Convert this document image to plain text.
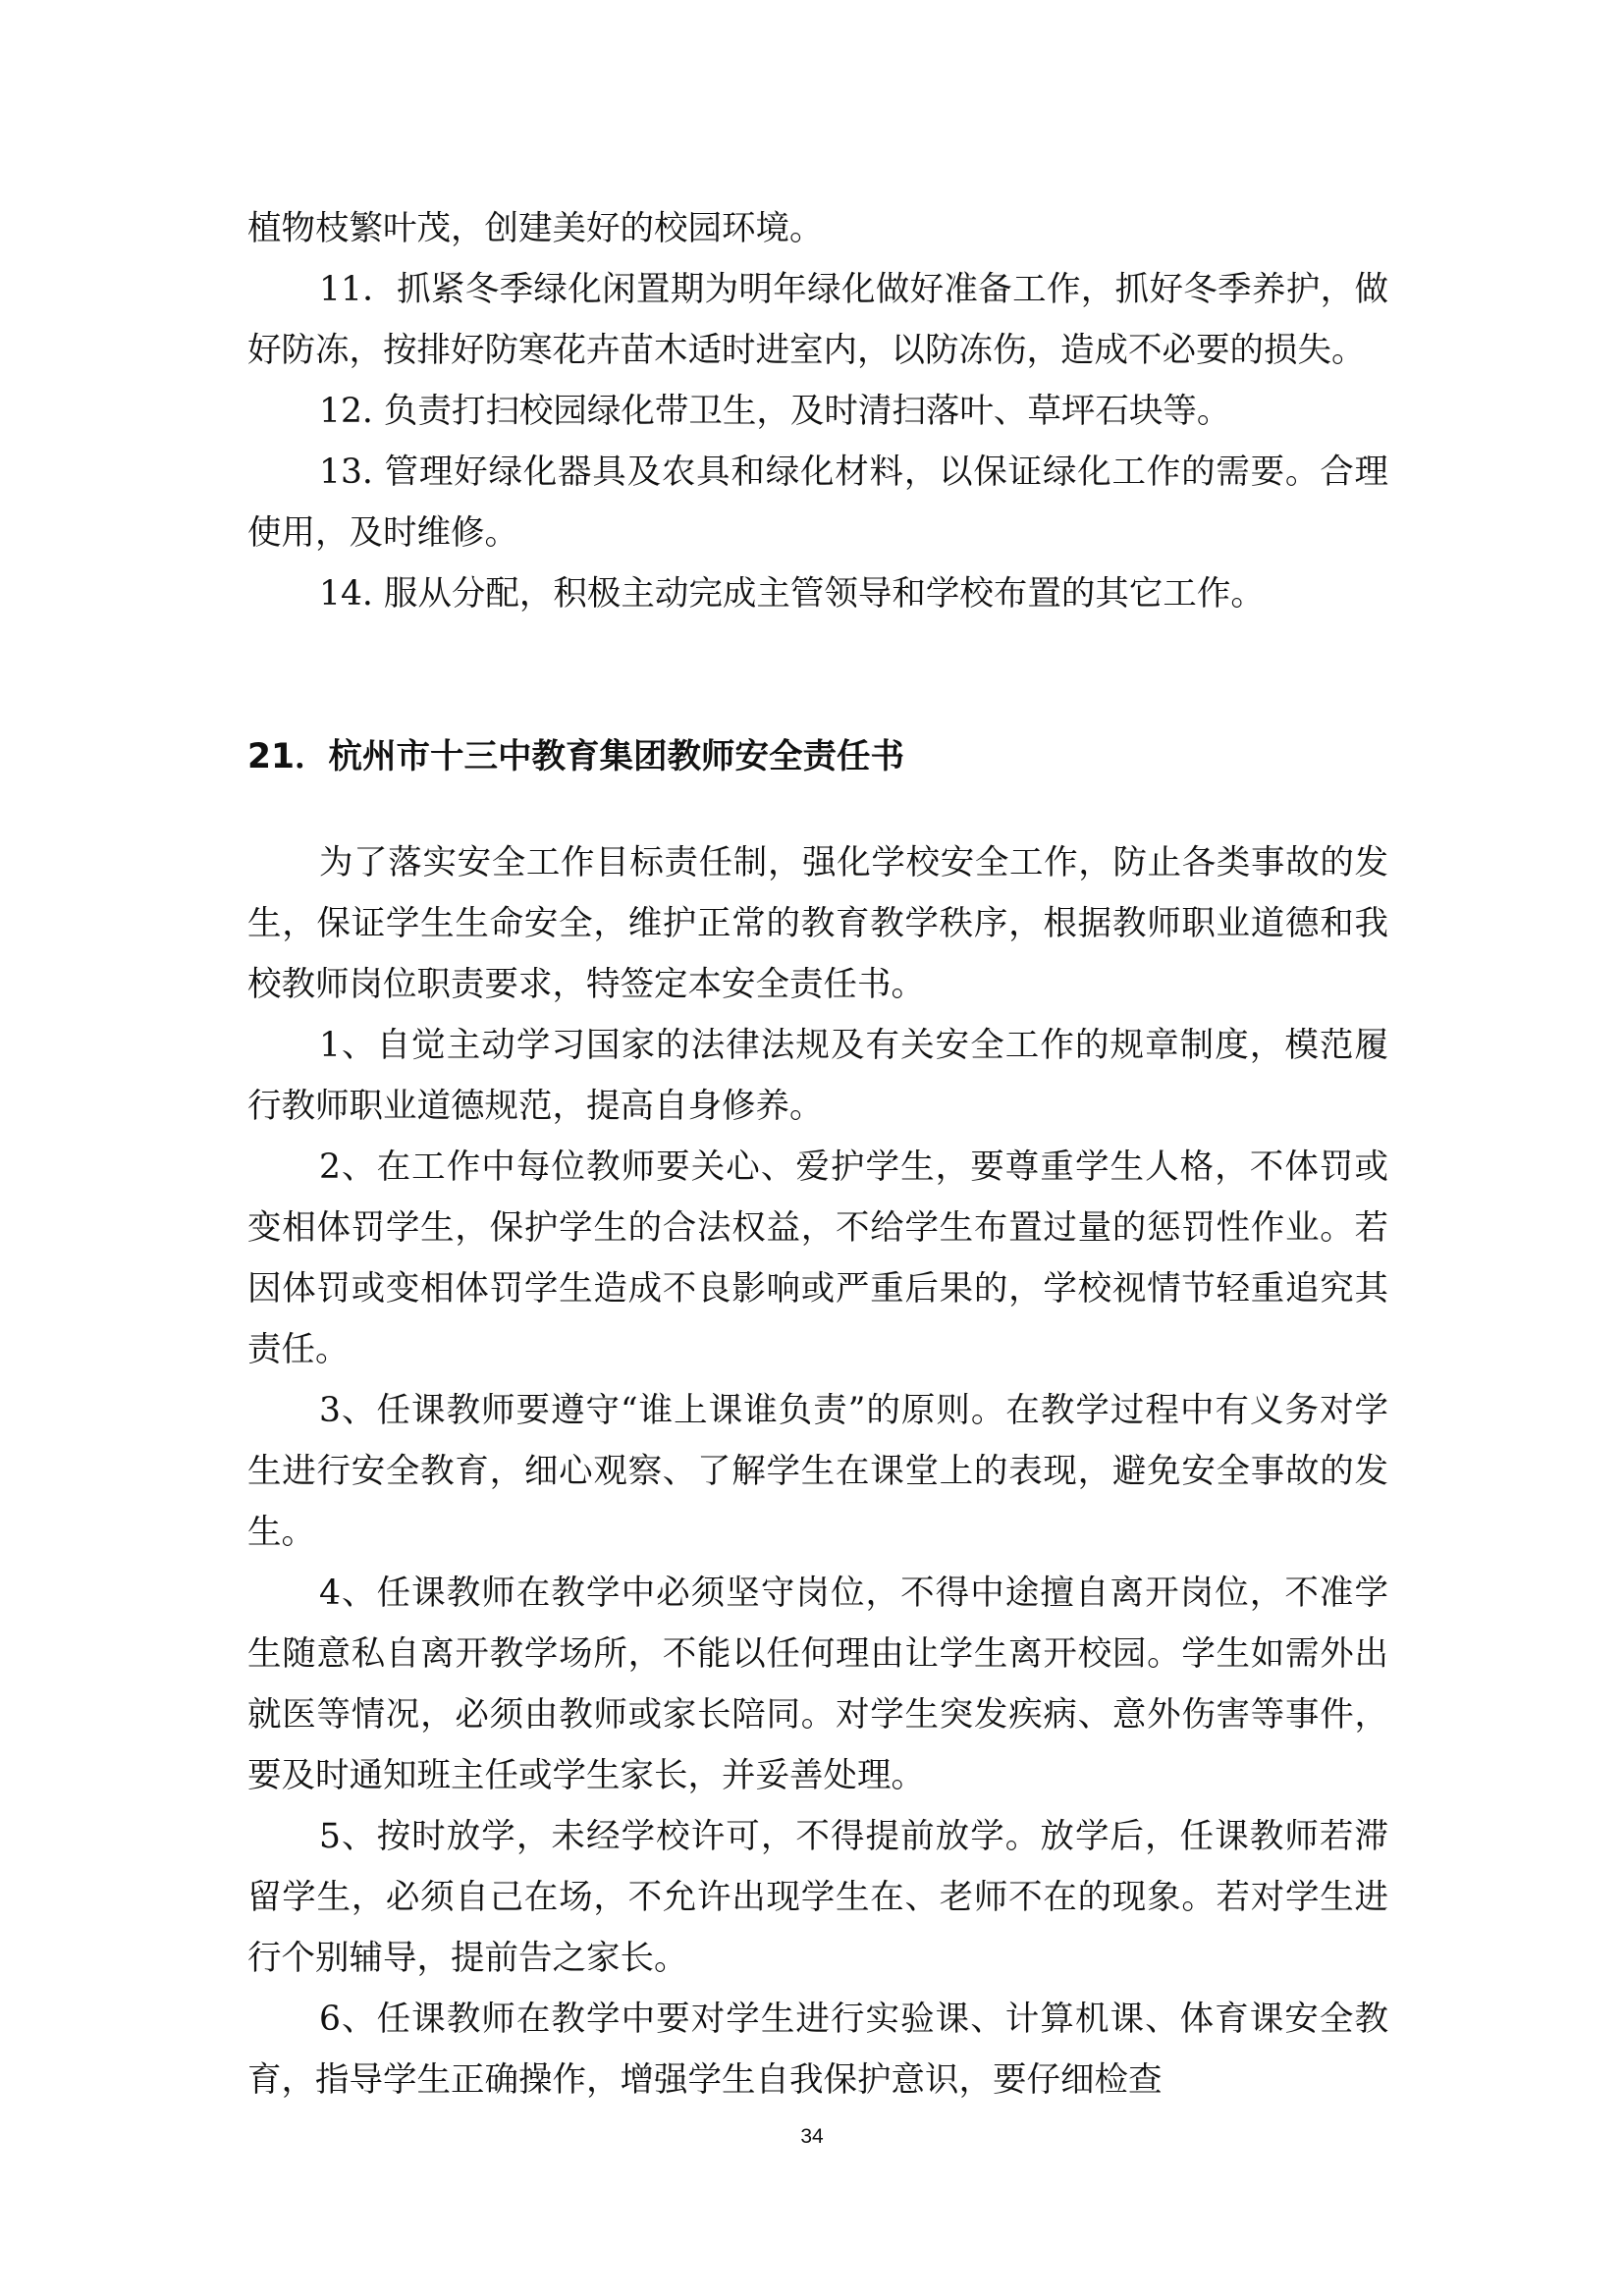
植物枝繁叶茂，创建美好的校园环境。

11．抓紧冬季绿化闲置期为明年绿化做好准备工作，抓好冬季养护，做好防冻，按排好防寒花卉苗木适时进室内，以防冻伤，造成不必要的损失。

12. 负责打扫校园绿化带卫生，及时清扫落叶、草坪石块等。

13. 管理好绿化器具及农具和绿化材料，以保证绿化工作的需要。合理使用，及时维修。

14. 服从分配，积极主动完成主管领导和学校布置的其它工作。

21．杭州市十三中教育集团教师安全责任书

为了落实安全工作目标责任制，强化学校安全工作，防止各类事故的发生，保证学生生命安全，维护正常的教育教学秩序，根据教师职业道德和我校教师岗位职责要求，特签定本安全责任书。

1、自觉主动学习国家的法律法规及有关安全工作的规章制度，模范履行教师职业道德规范，提高自身修养。

2、在工作中每位教师要关心、爱护学生，要尊重学生人格，不体罚或变相体罚学生，保护学生的合法权益，不给学生布置过量的惩罚性作业。若因体罚或变相体罚学生造成不良影响或严重后果的，学校视情节轻重追究其责任。

3、任课教师要遵守“谁上课谁负责”的原则。在教学过程中有义务对学生进行安全教育，细心观察、了解学生在课堂上的表现，避免安全事故的发生。

4、任课教师在教学中必须坚守岗位，不得中途擅自离开岗位，不准学生随意私自离开教学场所，不能以任何理由让学生离开校园。学生如需外出就医等情况，必须由教师或家长陪同。对学生突发疾病、意外伤害等事件，要及时通知班主任或学生家长，并妥善处理。

5、按时放学，未经学校许可，不得提前放学。放学后，任课教师若滞留学生，必须自己在场，不允许出现学生在、老师不在的现象。若对学生进行个别辅导，提前告之家长。

6、任课教师在教学中要对学生进行实验课、计算机课、体育课安全教育，指导学生正确操作，增强学生自我保护意识，要仔细检查

34
